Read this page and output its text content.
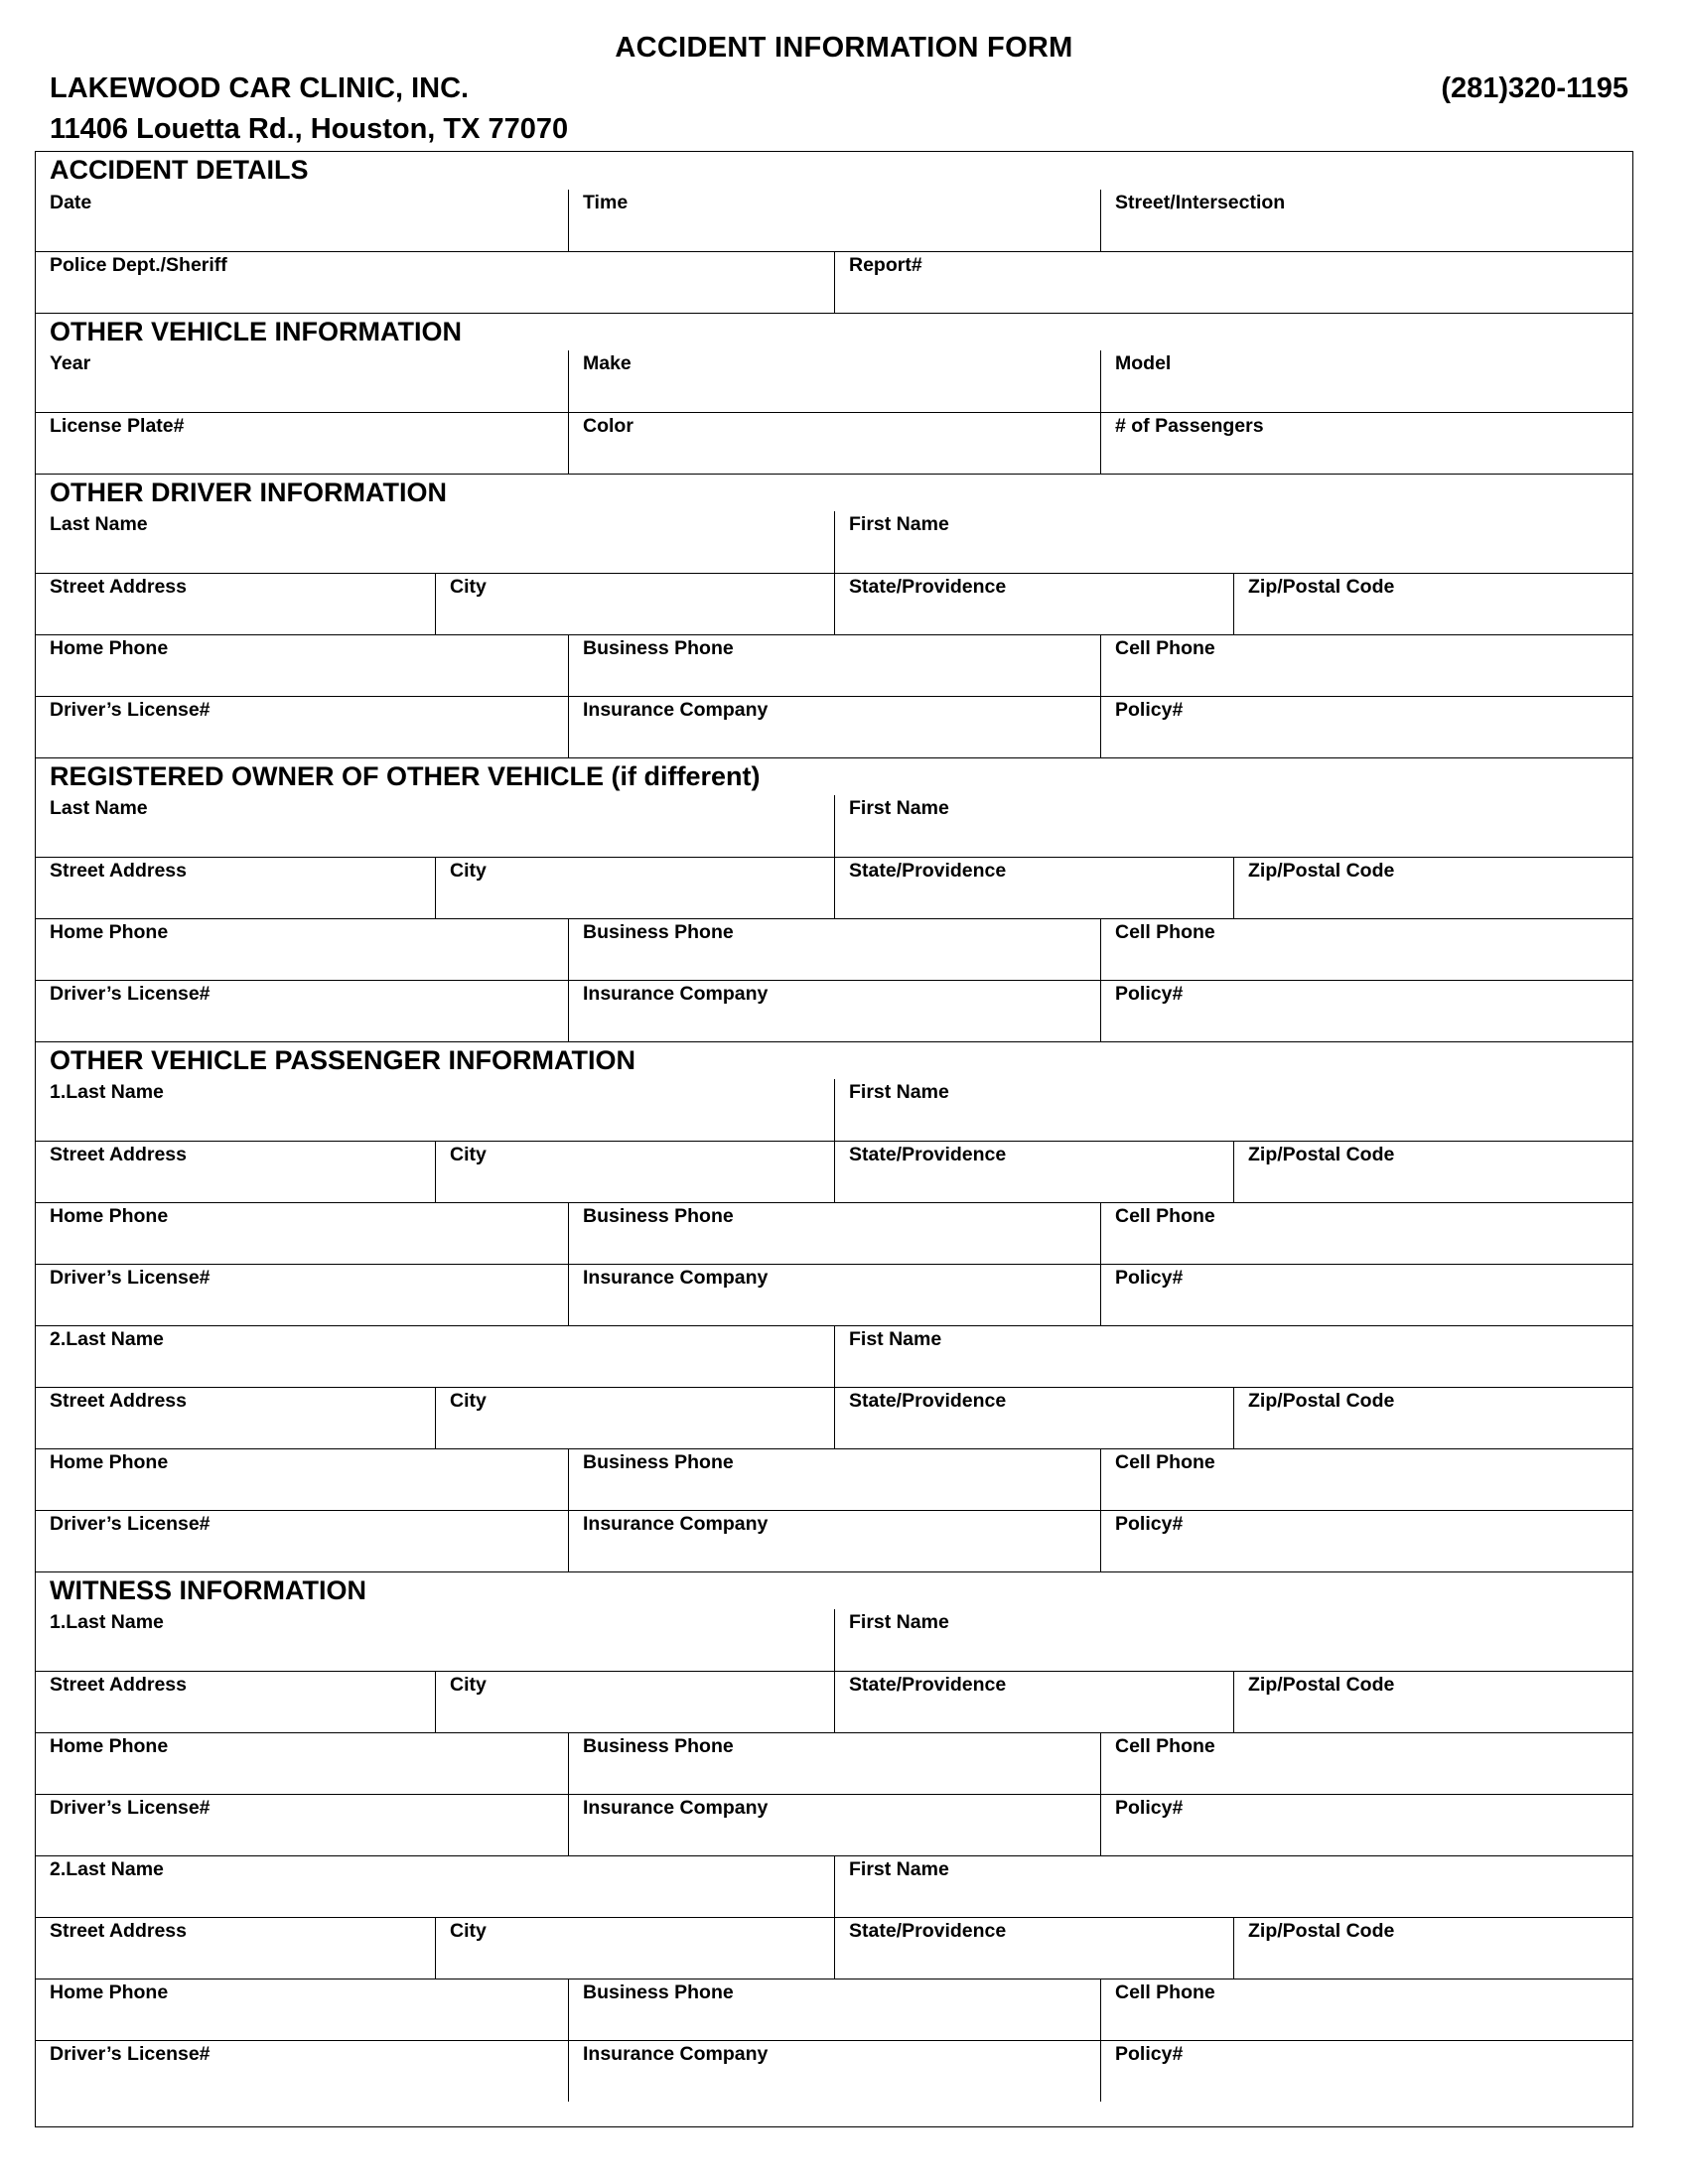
ACCIDENT INFORMATION FORM
LAKEWOOD CAR CLINIC, INC.	(281)320-1195
11406 Louetta Rd., Houston, TX 77070
ACCIDENT DETAILS
Date	Time	Street/Intersection
Police Dept./Sheriff	Report#
OTHER VEHICLE INFORMATION
Year	Make	Model
License Plate#	Color	# of Passengers
OTHER DRIVER INFORMATION
Last Name	First Name
Street Address	City	State/Providence	Zip/Postal Code
Home Phone	Business Phone	Cell Phone
Driver’s License#	Insurance Company	Policy#
REGISTERED OWNER OF OTHER VEHICLE (if different)
Last Name	First Name
Street Address	City	State/Providence	Zip/Postal Code
Home Phone	Business Phone	Cell Phone
Driver’s License#	Insurance Company	Policy#
OTHER VEHICLE PASSENGER INFORMATION
1.Last Name	First Name
Street Address	City	State/Providence	Zip/Postal Code
Home Phone	Business Phone	Cell Phone
Driver’s License#	Insurance Company	Policy#
2.Last Name	Fist Name
Street Address	City	State/Providence	Zip/Postal Code
Home Phone	Business Phone	Cell Phone
Driver’s License#	Insurance Company	Policy#
WITNESS INFORMATION
1.Last Name	First Name
Street Address	City	State/Providence	Zip/Postal Code
Home Phone	Business Phone	Cell Phone
Driver’s License#	Insurance Company	Policy#
2.Last Name	First Name
Street Address	City	State/Providence	Zip/Postal Code
Home Phone	Business Phone	Cell Phone
Driver’s License#	Insurance Company	Policy#
